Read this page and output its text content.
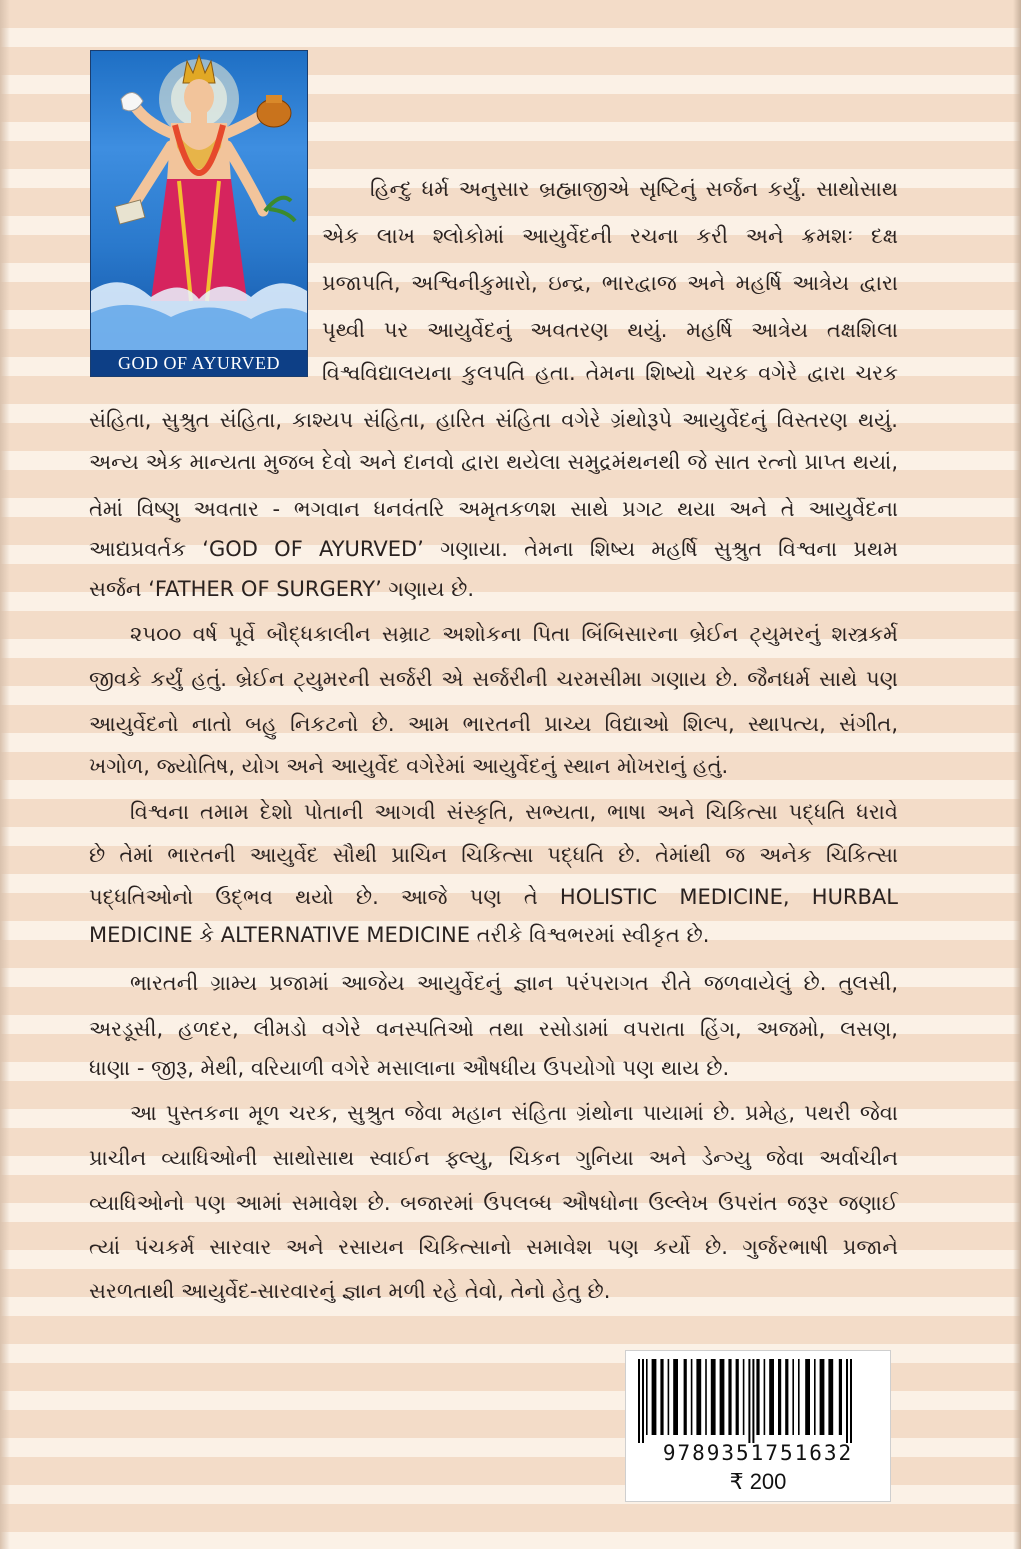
GOD OF AYURVED
હિન્દુ ધર્મ અનુસાર બ્રહ્માજીએ સૃષ્ટિનું સર્જન કર્યું. સાથોસાથ
એક લાખ શ્લોકોમાં આયુર્વેદની રચના કરી અને ક્રમશઃ દક્ષ
પ્રજાપતિ, અશ્વિનીકુમારો, ઇન્દ્ર, ભારદ્વાજ અને મહર્ષિ આત્રેય દ્વારા
પૃથ્વી પર આયુર્વેદનું અવતરણ થયું. મહર્ષિ આત્રેય તક્ષશિલા
વિશ્વવિદ્યાલયના કુલપતિ હતા. તેમના શિષ્યો ચરક વગેરે દ્વારા ચરક
સંહિતા, સુશ્રુત સંહિતા, કાશ્યપ સંહિતા, હારિત સંહિતા વગેરે ગ્રંથોરૂપે આયુર્વેદનું વિસ્તરણ થયું.
અન્ય એક માન્યતા મુજબ દેવો અને દાનવો દ્વારા થયેલા સમુદ્રમંથનથી જે સાત રત્નો પ્રાપ્ત થયાં,
તેમાં વિષ્ણુ અવતાર - ભગવાન ધનવંતરિ અમૃતકળશ સાથે પ્રગટ થયા અને તે આયુર્વેદના
આદ્યપ્રવર્તક ‘GOD OF AYURVED’ ગણાયા. તેમના શિષ્ય મહર્ષિ સુશ્રુત વિશ્વના પ્રથમ
સર્જન ‘FATHER OF SURGERY’ ગણાય છે.
૨૫૦૦ વર્ષ પૂર્વે બૌદ્ધકાલીન સમ્રાટ અશોકના પિતા બિંબિસારના બ્રેઈન ટ્યુમરનું શસ્ત્રકર્મ
જીવકે કર્યું હતું. બ્રેઈન ટ્યુમરની સર્જરી એ સર્જરીની ચરમસીમા ગણાય છે. જૈનધર્મ સાથે પણ
આયુર્વેદનો નાતો બહુ નિકટનો છે. આમ ભારતની પ્રાચ્ય વિદ્યાઓ શિલ્પ, સ્થાપત્ય, સંગીત,
ખગોળ, જ્યોતિષ, યોગ અને આયુર્વેદ વગેરેમાં આયુર્વેદનું સ્થાન મોખરાનું હતું.
વિશ્વના તમામ દેશો પોતાની આગવી સંસ્કૃતિ, સભ્યતા, ભાષા અને ચિકિત્સા પદ્ધતિ ધરાવે
છે તેમાં ભારતની આયુર્વેદ સૌથી પ્રાચિન ચિકિત્સા પદ્ધતિ છે. તેમાંથી જ અનેક ચિકિત્સા
પદ્ધતિઓનો ઉદ્ભવ થયો છે. આજે પણ તે HOLISTIC MEDICINE, HURBAL
MEDICINE કે ALTERNATIVE MEDICINE તરીકે વિશ્વભરમાં સ્વીકૃત છે.
ભારતની ગ્રામ્ય પ્રજામાં આજેય આયુર્વેદનું જ્ઞાન પરંપરાગત રીતે જળવાયેલું છે. તુલસી,
અરડૂસી, હળદર, લીમડો વગેરે વનસ્પતિઓ તથા રસોડામાં વપરાતા હિંગ, અજમો, લસણ,
ધાણા - જીરૂ, મેથી, વરિયાળી વગેરે મસાલાના ઔષધીય ઉપયોગો પણ થાય છે.
આ પુસ્તકના મૂળ ચરક, સુશ્રુત જેવા મહાન સંહિતા ગ્રંથોના પાયામાં છે. પ્રમેહ, પથરી જેવા
પ્રાચીન વ્યાધિઓની સાથોસાથ સ્વાઈન ફ્લ્યુ, ચિકન ગુનિયા અને ડેન્ગ્યુ જેવા અર્વાચીન
વ્યાધિઓનો પણ આમાં સમાવેશ છે. બજારમાં ઉપલબ્ધ ઔષધોના ઉલ્લેખ ઉપરાંત જરૂર જણાઈ
ત્યાં પંચકર્મ સારવાર અને રસાયન ચિકિત્સાનો સમાવેશ પણ કર્યો છે. ગુર્જરભાષી પ્રજાને
સરળતાથી આયુર્વેદ-સારવારનું જ્ઞાન મળી રહે તેવો, તેનો હેતુ છે.
9789351751632
₹ 200
